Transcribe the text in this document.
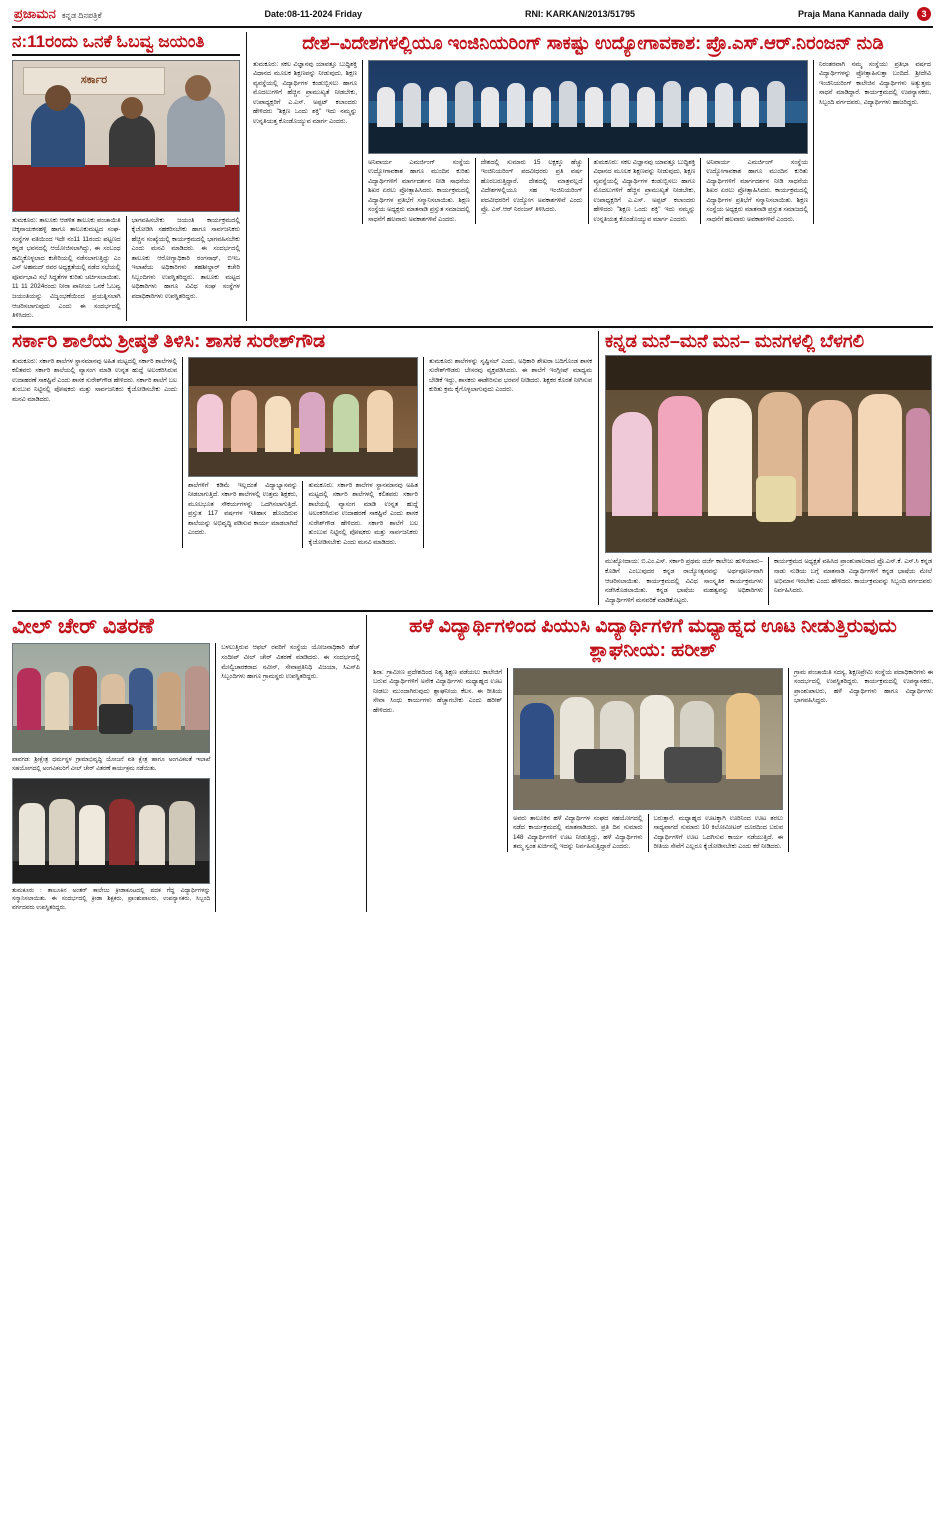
ಪ್ರಜಾಮನ ಕನ್ನಡ ದಿನಪತ್ರಿಕೆ	Date:08-11-2024 Friday	RNI: KARKAN/2013/51795	Praja Mana Kannada daily	3
ನ:11ರಂದು ಒನಕೆ ಓಬವ್ವ ಜಯಂತಿ
ಸರ್ಕಾರ
ತುಮಕೂರು: ತಾಲೂಕು ಆಡಳಿತ ತಾಲೂಕು ಪಂಚಾಯಿತಿ ಚಿಕ್ಕನಾಯಕನಹಳ್ಳಿ ಹಾಗೂ ತಾಲೂಕುಮಟ್ಟದ ಸಂಘ-ಸಂಸ್ಥೆಗಳ ವತಿಯಿಂದ ಇದೇ ನಂ11 11ರಂದು ಪಟ್ಟಣದ ಕನ್ನಡ ಭವನದಲ್ಲಿ ಆಯೋಜಿಸಲಾಗಿದ್ದು, ಈ ಸಂಬಂಧ ಹಮ್ಮಿಕೊಳ್ಳಲಾದ ಕಚೇರಿಯಲ್ಲಿ ನಡೆಸಲಾಗುತ್ತಿದ್ದು ಎಂ ಎನ್ ಅಹಮದ್ ರವರ ಅಧ್ಯಕ್ಷತೆಯಲ್ಲಿ ನಡೆದ ಸಭೆಯಲ್ಲಿ ಪೂರ್ವಭಾವಿ ಸಭೆ ಸಿದ್ಧತೆಗಳ ಕುರಿತು ಚರ್ಚಿಸಲಾಯಿತು. 11 11 2024ರಂದು ನೀರಾ ಪಾನೀಯ ಒನಕೆ ಓಬವ್ವ ಜಯಂತಿಯನ್ನು ವಿಜೃಂಭಣೆಯಿಂದ ಪ್ರಯತ್ನಿಸಲಾಗಿ ಆಚರಿಸಲಾಗುವುದು ಎಂದು ಈ ಸಂದರ್ಭದಲ್ಲಿ ತಿಳಿಸಿದರು.
ಭಾಗವಹಿಸಬೇಕು ಜಯಂತಿ ಕಾರ್ಯಕ್ರಮದಲ್ಲಿ ಕೈಜೋಡಿಸಿ ಸಹಕರಿಸಬೇಕು ಹಾಗೂ ಸಾರ್ವಜನಿಕರು ಹೆಚ್ಚಿನ ಸಂಖ್ಯೆಯಲ್ಲಿ ಕಾರ್ಯಕ್ರಮದಲ್ಲಿ ಭಾಗವಹಿಸಬೇಕು ಎಂದು ಮನವಿ ಮಾಡಿದರು. ಈ ಸಂದರ್ಭದಲ್ಲಿ ತಾಲೂಕು ಆರೋಗ್ಯಾಧಿಕಾರಿ ರಂಗನಾಥ್, ಬಿಇಒ ಇಲಾಖೆಯ ಅಧಿಕಾರಿಗಳು ತಹಶೀಲ್ದಾರ್ ಕಚೇರಿ ಸಿಬ್ಬಂದಿಗಳು ಉಪಸ್ಥಿತರಿದ್ದರು. ತಾಲೂಕು ಮಟ್ಟದ ಅಧಿಕಾರಿಗಳು ಹಾಗೂ ವಿವಿಧ ಸಂಘ ಸಂಸ್ಥೆಗಳ ಪದಾಧಿಕಾರಿಗಳು ಉಪಸ್ಥಿತರಿದ್ದರು.
ದೇಶ–ವಿದೇಶಗಳಲ್ಲಿಯೂ ಇಂಜಿನಿಯರಿಂಗ್ ಸಾಕಷ್ಟು ಉದ್ಯೋಗಾವಕಾಶ: ಪ್ರೊ.ಎಸ್.ಆರ್.ನಿರಂಜನ್ ನುಡಿ
ತುಮಕೂರು: ಸಕಲ ವಿಜ್ಞಾನವು ಯಾವತ್ತೂ ಬುದ್ಧಿಶಕ್ತಿ ವಿಧಾನದ ಮೂಲಕ ಶಿಕ್ಷಣವನ್ನು ನೀಡುವುದು, ಶಿಕ್ಷಣ ವ್ಯವಸ್ಥೆಯಲ್ಲಿ ವಿದ್ಯಾರ್ಥಿಗಳ ಕಂಡುಬ್ಬಿಸಲು ಹಾಗೂ ಮೊದಲುಗಳಿಗೆ ಹೆಚ್ಚಿನ ಪ್ರಾಮುಖ್ಯತೆ ನೀಡಬೇಕು, ಉಪಾಧ್ಯಕ್ಷರಿಗೆ ಎ.ಎಸ್. ಅಪ್ಪಟ್ ಕಲಾಂದರು ಹೇಳಿದರು "ಶಿಕ್ಷಣ ಒಂದು ಶಕ್ತಿ" ಇದು ನಮ್ಮನ್ನು ಉನ್ನತಿಯತ್ತ ಕೊಂಡೊಯ್ಯುವ ಮಾರ್ಗ ಎಂದರು.
ಅನಿವಾರ್ಯ ಎಮರ್ಜಿಂಗ್ ಸಂಸ್ಥೆಯ ಉದ್ಯೋಗಾವಕಾಶ ಹಾಗೂ ಮುಂದಿನ ಕುರಿತು ವಿದ್ಯಾರ್ಥಿಗಳಿಗೆ ಮಾರ್ಗದರ್ಶನ ನೀಡಿ ಸಾಧನೆಯ ಶಿಖರ ಏರಲು ಪ್ರೋತ್ಸಾಹಿಸಿದರು. ಕಾರ್ಯಕ್ರಮದಲ್ಲಿ ವಿದ್ಯಾರ್ಥಿಗಳ ಪ್ರತಿಭೆಗೆ ಸನ್ಮಾನಿಸಲಾಯಿತು. ಶಿಕ್ಷಣ ಸಂಸ್ಥೆಯ ಅಧ್ಯಕ್ಷರು ಮಾತನಾಡಿ ಪ್ರಸ್ತುತ ಸಮಾಜದಲ್ಲಿ ಸಾಧನೆಗೆ ಹಲವಾರು ಅವಕಾಶಗಳಿವೆ ಎಂದರು.
ದೇಶದಲ್ಲಿ ಸುಮಾರು 15 ಲಕ್ಷಕ್ಕೂ ಹೆಚ್ಚು ಇಂಜಿನಿಯರಿಂಗ್ ಪದವೀಧರರು ಪ್ರತಿ ವರ್ಷ ಹೊರಬರುತ್ತಿದ್ದಾರೆ. ದೇಶದಲ್ಲಿ ಮಾತ್ರವಲ್ಲದೆ ವಿದೇಶಗಳಲ್ಲಿಯೂ ಸಹ ಇಂಜಿನಿಯರಿಂಗ್ ಪದವೀಧರರಿಗೆ ಉದ್ಯೋಗ ಅವಕಾಶಗಳಿವೆ ಎಂದು ಪ್ರೊ. ಎಸ್.ಆರ್ ನಿರಂಜನ್ ತಿಳಿಸಿದರು.
ತುಮಕೂರು: ಸಕಲ ವಿಜ್ಞಾನವು ಯಾವತ್ತೂ ಬುದ್ಧಿಶಕ್ತಿ ವಿಧಾನದ ಮೂಲಕ ಶಿಕ್ಷಣವನ್ನು ನೀಡುವುದು, ಶಿಕ್ಷಣ ವ್ಯವಸ್ಥೆಯಲ್ಲಿ ವಿದ್ಯಾರ್ಥಿಗಳ ಕಂಡುಬ್ಬಿಸಲು ಹಾಗೂ ಮೊದಲುಗಳಿಗೆ ಹೆಚ್ಚಿನ ಪ್ರಾಮುಖ್ಯತೆ ನೀಡಬೇಕು, ಉಪಾಧ್ಯಕ್ಷರಿಗೆ ಎ.ಎಸ್. ಅಪ್ಪಟ್ ಕಲಾಂದರು ಹೇಳಿದರು "ಶಿಕ್ಷಣ ಒಂದು ಶಕ್ತಿ" ಇದು ನಮ್ಮನ್ನು ಉನ್ನತಿಯತ್ತ ಕೊಂಡೊಯ್ಯುವ ಮಾರ್ಗ ಎಂದರು.
ಅನಿವಾರ್ಯ ಎಮರ್ಜಿಂಗ್ ಸಂಸ್ಥೆಯ ಉದ್ಯೋಗಾವಕಾಶ ಹಾಗೂ ಮುಂದಿನ ಕುರಿತು ವಿದ್ಯಾರ್ಥಿಗಳಿಗೆ ಮಾರ್ಗದರ್ಶನ ನೀಡಿ ಸಾಧನೆಯ ಶಿಖರ ಏರಲು ಪ್ರೋತ್ಸಾಹಿಸಿದರು. ಕಾರ್ಯಕ್ರಮದಲ್ಲಿ ವಿದ್ಯಾರ್ಥಿಗಳ ಪ್ರತಿಭೆಗೆ ಸನ್ಮಾನಿಸಲಾಯಿತು. ಶಿಕ್ಷಣ ಸಂಸ್ಥೆಯ ಅಧ್ಯಕ್ಷರು ಮಾತನಾಡಿ ಪ್ರಸ್ತುತ ಸಮಾಜದಲ್ಲಿ ಸಾಧನೆಗೆ ಹಲವಾರು ಅವಕಾಶಗಳಿವೆ ಎಂದರು.
ನಿರಂತರವಾಗಿ ನಮ್ಮ ಸಂಸ್ಥೆಯು ಪ್ರತಿಭಾ ವರ್ಷದ ವಿದ್ಯಾರ್ಥಿಗಳನ್ನು ಪ್ರೋತ್ಸಾಹಿಸುತ್ತಾ ಬಂದಿದೆ. ಶ್ರೀದೇವಿ ಇಂಜಿನಿಯರಿಂಗ್ ಕಾಲೇಜಿನ ವಿದ್ಯಾರ್ಥಿಗಳು ಅತ್ಯುತ್ತಮ ಸಾಧನೆ ಮಾಡಿದ್ದಾರೆ. ಕಾರ್ಯಕ್ರಮದಲ್ಲಿ ಉಪನ್ಯಾಸಕರು, ಸಿಬ್ಬಂದಿ ವರ್ಗದವರು, ವಿದ್ಯಾರ್ಥಿಗಳು ಹಾಜರಿದ್ದರು.
ಸರ್ಕಾರಿ ಶಾಲೆಯ ಶ್ರೀಷ್ಠತೆ ತಿಳಿಸಿ: ಶಾಸಕ ಸುರೇಶ್‌ಗೌಡ
ತುಮಕೂರು: ಸರ್ಕಾರಿ ಶಾಲೆಗಳ ಸ್ಥಾನಮಾನವು ಅಹಿತ ಮಟ್ಟದಲ್ಲಿ ಸರ್ಕಾರಿ ಶಾಲೆಗಳಲ್ಲಿ ಕಲಿತವರು ಸರ್ಕಾರಿ ಶಾಲೆಯಲ್ಲಿ ವ್ಯಾಸಂಗ ಮಾಡಿ ಉನ್ನತ ಹುದ್ದೆ ಅಲಂಕರಿಸಿರುವ ಉದಾಹರಣೆ ಸಾಕಷ್ಟಿವೆ ಎಂದು ಶಾಸಕ ಸುರೇಶ್‌ಗೌಡ ಹೇಳಿದರು. ಸರ್ಕಾರಿ ಶಾಲೆಗೆ ಬಲ ತುಂಬುವ ನಿಟ್ಟಿನಲ್ಲಿ ಪೋಷಕರು ಮತ್ತು ಸಾರ್ವಜನಿಕರು ಕೈಜೋಡಿಸಬೇಕು ಎಂದು ಮನವಿ ಮಾಡಿದರು.
ಶಾಲೆಗಳಿಗೆ ಕಡಿಮೆ ಇಲ್ಲದಂತೆ ವಿದ್ಯಾಭ್ಯಾಸವನ್ನು ನೀಡಲಾಗುತ್ತಿದೆ. ಸರ್ಕಾರಿ ಶಾಲೆಗಳಲ್ಲಿ ಉತ್ತಮ ಶಿಕ್ಷಕರು, ಮೂಲಭೂತ ಸೌಕರ್ಯಗಳನ್ನು ಒದಗಿಸಲಾಗುತ್ತಿದೆ. ಪ್ರಸ್ತುತ 117 ವರ್ಷಗಳ ಇತಿಹಾಸ ಹೊಂದಿರುವ ಶಾಲೆಯನ್ನು ಅಭಿವೃದ್ಧಿ ಪಡಿಸುವ ಕಾರ್ಯ ಮಾಡಲಾಗಿದೆ ಎಂದರು.
ತುಮಕೂರು: ಸರ್ಕಾರಿ ಶಾಲೆಗಳ ಸ್ಥಾನಮಾನವು ಅಹಿತ ಮಟ್ಟದಲ್ಲಿ ಸರ್ಕಾರಿ ಶಾಲೆಗಳಲ್ಲಿ ಕಲಿತವರು ಸರ್ಕಾರಿ ಶಾಲೆಯಲ್ಲಿ ವ್ಯಾಸಂಗ ಮಾಡಿ ಉನ್ನತ ಹುದ್ದೆ ಅಲಂಕರಿಸಿರುವ ಉದಾಹರಣೆ ಸಾಕಷ್ಟಿವೆ ಎಂದು ಶಾಸಕ ಸುರೇಶ್‌ಗೌಡ ಹೇಳಿದರು. ಸರ್ಕಾರಿ ಶಾಲೆಗೆ ಬಲ ತುಂಬುವ ನಿಟ್ಟಿನಲ್ಲಿ ಪೋಷಕರು ಮತ್ತು ಸಾರ್ವಜನಿಕರು ಕೈಜೋಡಿಸಬೇಕು ಎಂದು ಮನವಿ ಮಾಡಿದರು.
ತುಮಕೂರು ಶಾಲೆಗಳನ್ನು ಸೃಷ್ಟಿಸಲ್ ಎಂದು, ಅಧಿಕಾರಿ ಶೇಖರಾ ಬದಿಗೊಂಡ ಶಾಸಕ ಸುರೇಶ್‌ಗೌಡರು ಬೇಸರವು ವ್ಯಕ್ತಪಡಿಸಿದರು. ಈ ಶಾಲೆಗೆ ಇಂಗ್ಲೀಷ್ ಮಾಧ್ಯಮ ಬೇಡಿಕೆ ಇದ್ದು, ಶಾಸಕರು ಈಡೇರಿಸುವ ಭರವಸೆ ನೀಡಿದರು. ಶಿಕ್ಷಕರ ಕೊರತೆ ನೀಗಿಸುವ ಕುರಿತು ಕ್ರಮ ಕೈಗೊಳ್ಳಲಾಗುವುದು ಎಂದರು.
ಕನ್ನಡ ಮನೆ–ಮನೆ ಮನ– ಮನಗಳಲ್ಲಿ ಬೆಳಗಲಿ
ಮುಖ್ಯೋದಾಯ: ಬಿ.ಎಂ.ಎಸ್. ಸರ್ಕಾರಿ ಪ್ರಥಮ ದರ್ಜೆ ಕಾಲೇಜು ಹುಳಿಯಾರು– ಕೊಡಿಗೆ ಎಂಬುವುದರ ಕನ್ನಡ ರಾಜ್ಯೋತ್ಸವವನ್ನು ಅರ್ಥಪೂರ್ಣವಾಗಿ ಆಚರಿಸಲಾಯಿತು. ಕಾರ್ಯಕ್ರಮದಲ್ಲಿ ವಿವಿಧ ಸಾಂಸ್ಕೃತಿಕ ಕಾರ್ಯಕ್ರಮಗಳು ನಡೆಸಿಕೊಡಲಾಯಿತು. ಕನ್ನಡ ಭಾಷೆಯ ಮಹತ್ವವನ್ನು ಅಧಿಕಾರಿಗಳು ವಿದ್ಯಾರ್ಥಿಗಳಿಗೆ ಮನವರಿಕೆ ಮಾಡಿಕೊಟ್ಟರು.
ಕಾರ್ಯಕ್ರಮದ ಅಧ್ಯಕ್ಷತೆ ವಹಿಸಿದ ಪ್ರಾಂಶುಪಾಲರಾದ ಪ್ರೊ.ಎನ್.ಕೆ. ಎಸ್.ಸಿ ಕನ್ನಡ ನಾಡು ನುಡಿಯ ಬಗ್ಗೆ ಮಾತನಾಡಿ ವಿದ್ಯಾರ್ಥಿಗಳಿಗೆ ಕನ್ನಡ ಭಾಷೆಯ ಮೇಲೆ ಅಭಿಮಾನ ಇರಬೇಕು ಎಂದು ಹೇಳಿದರು. ಕಾರ್ಯಕ್ರಮವನ್ನು ಸಿಬ್ಬಂದಿ ವರ್ಗದವರು ನಿರ್ವಹಿಸಿದರು.
ವೀಲ್ ಚೇರ್ ವಿತರಣೆ
ಪಾವಗಡ: ಶ್ರೀಕ್ಷೇತ್ರ ಧರ್ಮಸ್ಥಳ ಗ್ರಾಮಾಭಿವೃದ್ಧಿ ಯೋಜನೆ ವತಿ ಕ್ಷೇತ್ರ ಹಾಗೂ ಅಂಗವಿಕಲತೆ ಇಲಾಖೆ ಸಹಯೋಗದಲ್ಲಿ ಅಂಗವಿಕಲರಿಗೆ ವೀಲ್ ಚೇರ್ ವಿತರಣೆ ಕಾರ್ಯಕ್ರಮ ನಡೆಯಿತು.
ತುಮಕೂರು : ತಾಲೂಕಿನ ಅಂತರ್ ಕಾಲೇಜು ಕ್ರೀಡಾಕೂಟದಲ್ಲಿ ಪದಕ ಗೆದ್ದ ವಿದ್ಯಾರ್ಥಿಗಳನ್ನು ಸನ್ಮಾನಿಸಲಾಯಿತು. ಈ ಸಂದರ್ಭದಲ್ಲಿ ಕ್ರೀಡಾ ಶಿಕ್ಷಕರು, ಪ್ರಾಂಶುಪಾಲರು, ಉಪನ್ಯಾಸಕರು, ಸಿಬ್ಬಂದಿ ವರ್ಗದವರು ಉಪಸ್ಥಿತರಿದ್ದರು.
ಬಳಲುತ್ತಿರುವ ಆಫಲ್ ರವರಿಗೆ ಸಂಸ್ಥೆಯ ಯೋಜನಾಧಿಕಾರಿ ಹೆಚ್ ಸಂದೀಪ್ ವೀಲ್ ಚೇರ್ ವಿತರಣೆ ಮಾಡಿದರು. ಈ ಸಂದರ್ಭದಲ್ಲಿ ಮೇಲ್ವಿಚಾರಕರಾದ ನವೀನ್, ಸೇವಾಪ್ರತಿನಿಧಿ ವಿಜಯಾ, ಸಿಎಸ್‌ಪಿ ಸಿಬ್ಬಂದಿಗಳು ಹಾಗೂ ಗ್ರಾಮಸ್ಥರು ಉಪಸ್ಥಿತರಿದ್ದರು.
ಹಳೆ ವಿದ್ಯಾರ್ಥಿಗಳಿಂದ ಪಿಯುಸಿ ವಿದ್ಯಾರ್ಥಿಗಳಿಗೆ ಮಧ್ಯಾಹ್ನದ ಊಟ ನೀಡುತ್ತಿರುವುದು ಶ್ಲಾಘನೀಯ: ಹರೀಶ್
ಶಿರಾ: ಗ್ರಾಮೀಣ ಪ್ರದೇಶದಿಂದ ನಿತ್ಯ ಶಿಕ್ಷಣ ಪಡೆಯಲು ಕಾಲೇಜಿಗೆ ಬರುವ ವಿದ್ಯಾರ್ಥಿಗಳಿಗೆ ಅನೇಕ ವಿದ್ಯಾರ್ಥಿಗಳು ಮಧ್ಯಾಹ್ನದ ಊಟ ನೀಡಲು ಮುಂದಾಗಿರುವುದು ಶ್ಲಾಘನೀಯ ಕೆಲಸ. ಈ ರೀತಿಯ ಸೇವಾ ಸಿಂಧು ಕಾರ್ಯಗಳು ಹೆಚ್ಚಾಗಬೇಕು ಎಂದು ಹರೀಶ್ ಹೇಳಿದರು.
ಅವರು ತಾಲೂಕಿನ ಹಳೆ ವಿದ್ಯಾರ್ಥಿಗಳ ಸಂಘದ ಸಹಯೋಗದಲ್ಲಿ ನಡೆದ ಕಾರ್ಯಕ್ರಮದಲ್ಲಿ ಮಾತನಾಡಿದರು. ಪ್ರತಿ ದಿನ ಸುಮಾರು 148 ವಿದ್ಯಾರ್ಥಿಗಳಿಗೆ ಊಟ ನೀಡುತ್ತಿದ್ದು, ಹಳೆ ವಿದ್ಯಾರ್ಥಿಗಳು ತಮ್ಮ ಸ್ವಂತ ಖರ್ಚಿನಲ್ಲಿ ಇದನ್ನು ನಿರ್ವಹಿಸುತ್ತಿದ್ದಾರೆ ಎಂದರು.
ಬರುತ್ತಾರೆ. ಮಧ್ಯಾಹ್ನದ ಊಟಕ್ಕಾಗಿ ಊರಿನಿಂದ ಊಟ ತರಲು ಸಾಧ್ಯವಾಗದೆ ಸುಮಾರು 10 ಕಿಲೋಮೀಟರ್ ದೂರದಿಂದ ಬರುವ ವಿದ್ಯಾರ್ಥಿಗಳಿಗೆ ಊಟ ಒದಗಿಸುವ ಕಾರ್ಯ ನಡೆಯುತ್ತಿದೆ. ಈ ರೀತಿಯ ಸೇವೆಗೆ ಎಲ್ಲರೂ ಕೈಜೋಡಿಸಬೇಕು ಎಂದು ಕರೆ ನೀಡಿದರು.
ಗ್ರಾಮ ಪಂಚಾಯಿತಿ ಸದಸ್ಯ, ಶಿಕ್ಷಣಪ್ರೇಮಿ ಸಂಸ್ಥೆಯ ಪದಾಧಿಕಾರಿಗಳು ಈ ಸಂದರ್ಭದಲ್ಲಿ ಉಪಸ್ಥಿತರಿದ್ದರು. ಕಾರ್ಯಕ್ರಮದಲ್ಲಿ ಉಪನ್ಯಾಸಕರು, ಪ್ರಾಂಶುಪಾಲರು, ಹಳೆ ವಿದ್ಯಾರ್ಥಿಗಳು ಹಾಗೂ ವಿದ್ಯಾರ್ಥಿಗಳು ಭಾಗವಹಿಸಿದ್ದರು.
